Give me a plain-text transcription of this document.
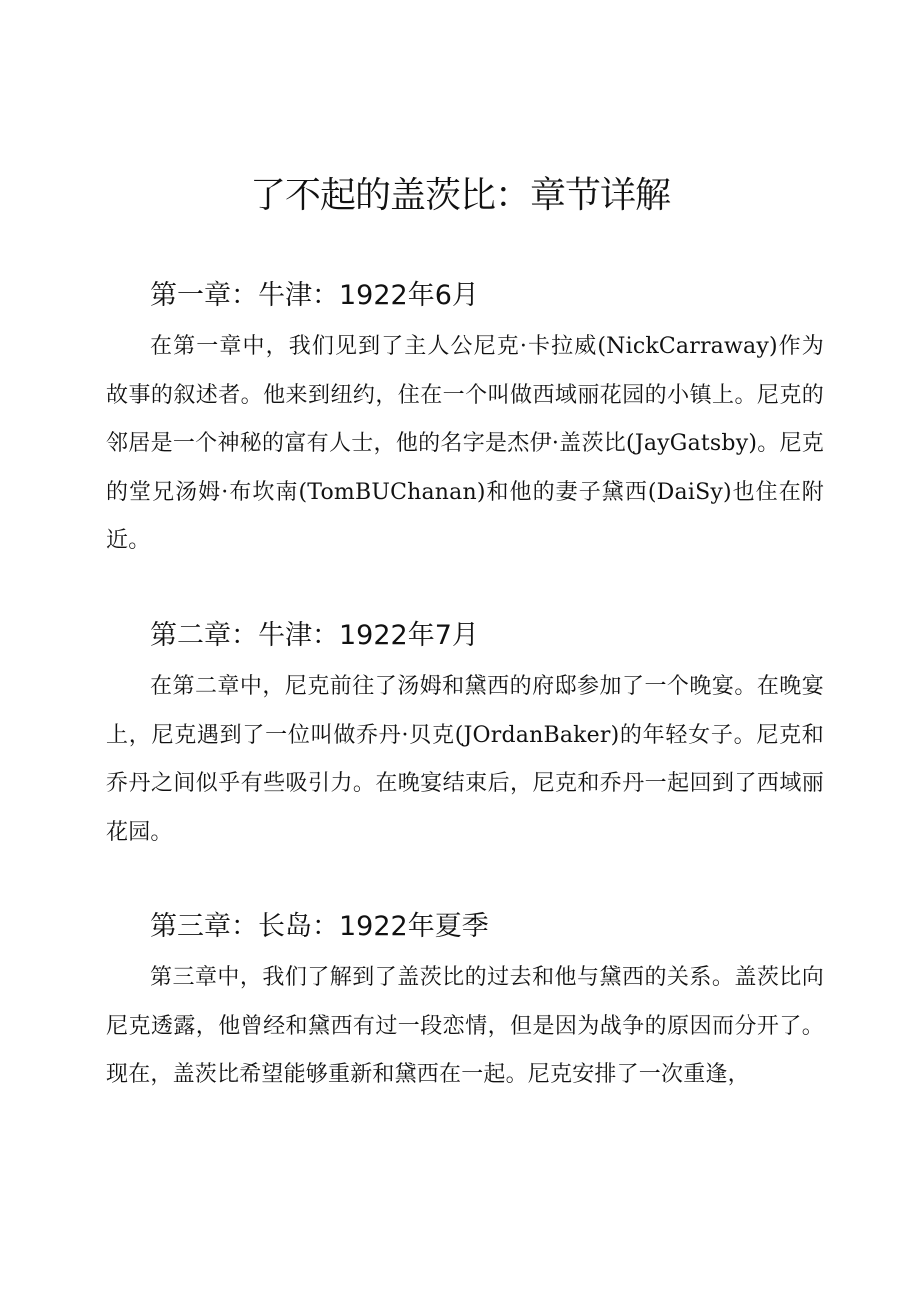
了不起的盖茨比：章节详解
第一章：牛津：1922年6月

在第一章中，我们见到了主人公尼克·卡拉威(NickCarraway)作为故事的叙述者。他来到纽约，住在一个叫做西域丽花园的小镇上。尼克的邻居是一个神秘的富有人士，他的名字是杰伊·盖茨比(JayGatsby)。尼克的堂兄汤姆·布坎南(TomBUChanan)和他的妻子黛西(DaiSy)也住在附近。

第二章：牛津：1922年7月

在第二章中，尼克前往了汤姆和黛西的府邸参加了一个晚宴。在晚宴上，尼克遇到了一位叫做乔丹·贝克(JOrdanBaker)的年轻女子。尼克和乔丹之间似乎有些吸引力。在晚宴结束后，尼克和乔丹一起回到了西域丽花园。

第三章：长岛：1922年夏季

第三章中，我们了解到了盖茨比的过去和他与黛西的关系。盖茨比向尼克透露，他曾经和黛西有过一段恋情，但是因为战争的原因而分开了。现在，盖茨比希望能够重新和黛西在一起。尼克安排了一次重逢，
